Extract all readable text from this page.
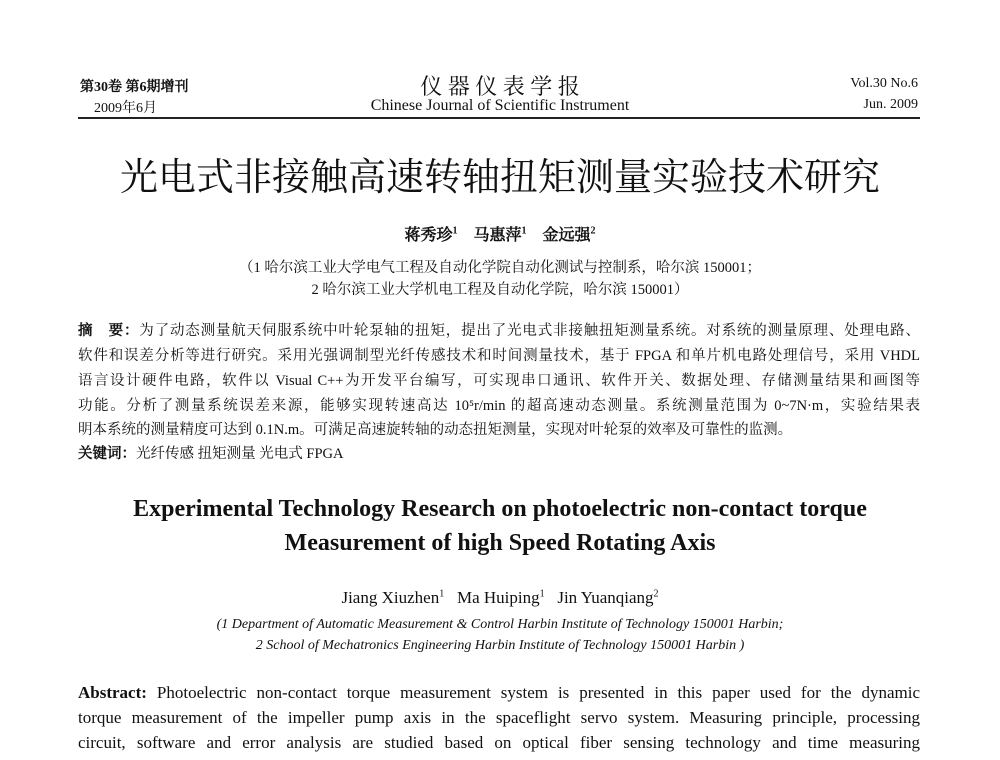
第30卷 第6期增刊
2009年6月
仪 器 仪 表 学 报
Chinese Journal of Scientific Instrument
Vol.30 No.6
Jun. 2009
光电式非接触高速转轴扭矩测量实验技术研究
蒋秀珍$^1$ 马惠萍$^1$ 金远强$^2$
（1 哈尔滨工业大学电气工程及自动化学院自动化测试与控制系，哈尔滨 150001；
2 哈尔滨工业大学机电工程及自动化学院，哈尔滨 150001）
摘　要：为了动态测量航天伺服系统中叶轮泵轴的扭矩，提出了光电式非接触扭矩测量系统。对系统的测量原理、处理电路、
软件和误差分析等进行研究。采用光强调制型光纤传感技术和时间测量技术，基于 FPGA 和单片机电路处理信号，采用 VHDL
语言设计硬件电路，软件以 Visual C++为开发平台编写，可实现串口通讯、软件开关、数据处理、存储测量结果和画图等
功能。分析了测量系统误差来源，能够实现转速高达 10⁵r/min 的超高速动态测量。系统测量范围为 0~7N·m，实验结果表
明本系统的测量精度可达到 0.1N.m。可满足高速旋转轴的动态扭矩测量，实现对叶轮泵的效率及可靠性的监测。
关键词：光纤传感 扭矩测量 光电式 FPGA
Experimental Technology Research on photoelectric non-contact torque
Measurement of high Speed Rotating Axis
Jiang Xiuzhen$^1$ Ma Huiping$^1$ Jin Yuanqiang$^2$
(1 Department of Automatic Measurement & Control Harbin Institute of Technology 150001 Harbin;
2 School of Mechatronics Engineering Harbin Institute of Technology 150001 Harbin )
Abstract: Photoelectric non-contact torque measurement system is presented in this paper used for the dynamic
torque measurement of the impeller pump axis in the spaceflight servo system. Measuring principle, processing
circuit, software and error analysis are studied based on optical fiber sensing technology and time measuring
